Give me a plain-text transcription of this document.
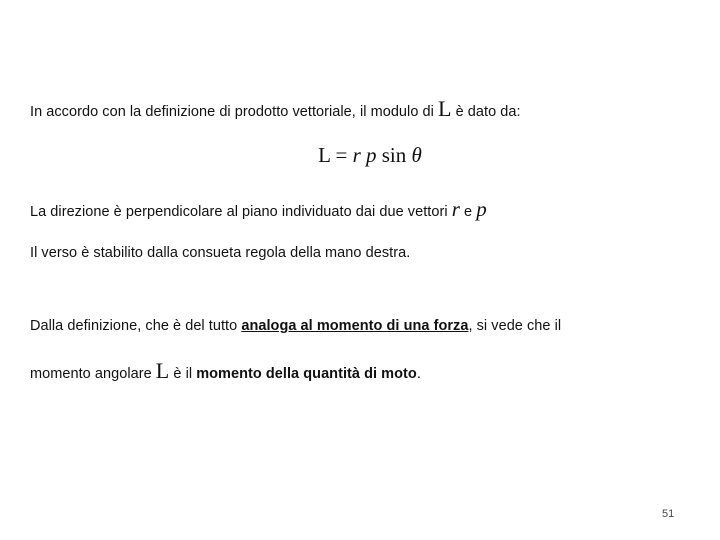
In accordo con la definizione di prodotto vettoriale, il modulo di L è dato da:
L = r p sin θ
La direzione è perpendicolare al piano individuato dai due vettori r e p
Il verso è stabilito dalla consueta regola della mano destra.
Dalla definizione, che è del tutto analoga al momento di una forza, si vede che il
momento angolare L è il momento della quantità di moto.
51
